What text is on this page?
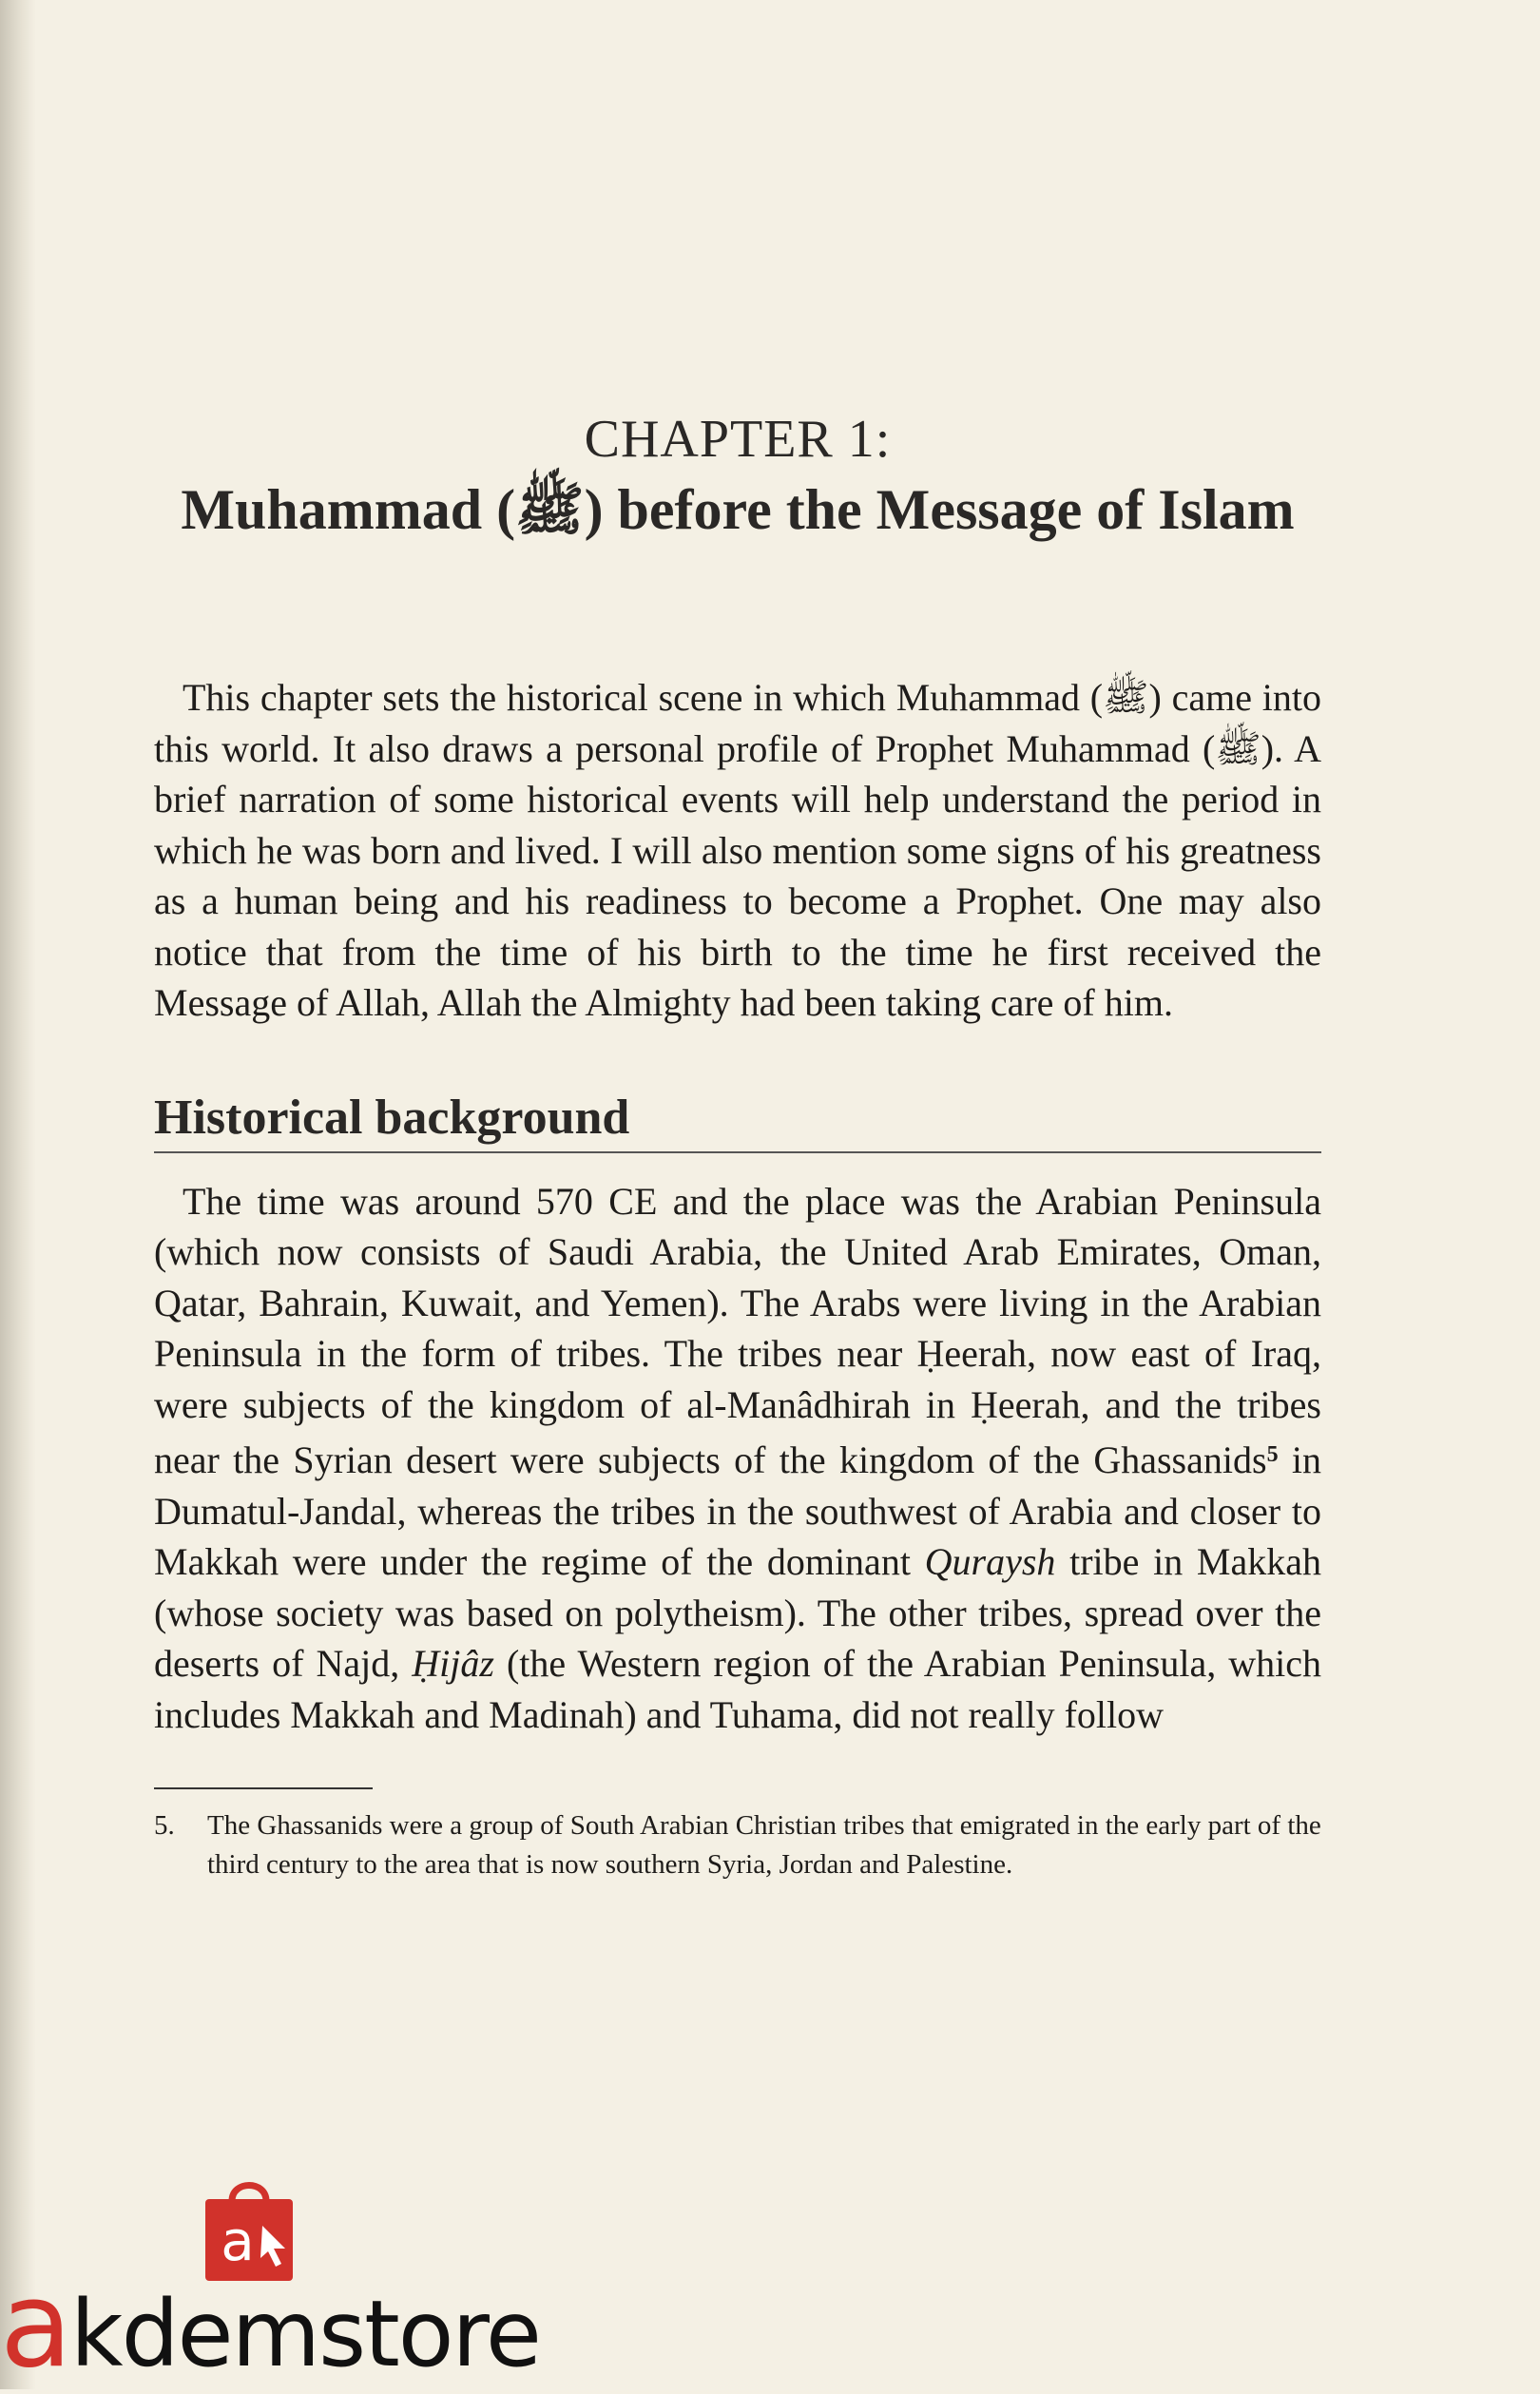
CHAPTER 1:
Muhammad (ﷺ) before the Message of Islam

This chapter sets the historical scene in which Muhammad (ﷺ) came into this world. It also draws a personal profile of Prophet Muhammad (ﷺ). A brief narration of some historical events will help understand the period in which he was born and lived. I will also mention some signs of his greatness as a human being and his readiness to become a Prophet. One may also notice that from the time of his birth to the time he first received the Message of Allah, Allah the Almighty had been taking care of him.

Historical background

The time was around 570 CE and the place was the Arabian Peninsula (which now consists of Saudi Arabia, the United Arab Emirates, Oman, Qatar, Bahrain, Kuwait, and Yemen). The Arabs were living in the Arabian Peninsula in the form of tribes. The tribes near Ḥeerah, now east of Iraq, were subjects of the kingdom of al-Manâdhirah in Ḥeerah, and the tribes near the Syrian desert were subjects of the kingdom of the Ghassanids$^5$ in Dumatul-Jandal, whereas the tribes in the southwest of Arabia and closer to Makkah were under the regime of the dominant Quraysh tribe in Makkah (whose society was based on polytheism). The other tribes, spread over the deserts of Najd, Ḥijâz (the Western region of the Arabian Peninsula, which includes Makkah and Madinah) and Tuhama, did not really follow

5.	The Ghassanids were a group of South Arabian Christian tribes that emigrated in the early part of the third century to the area that is now southern Syria, Jordan and Palestine.
a
akdemstore
